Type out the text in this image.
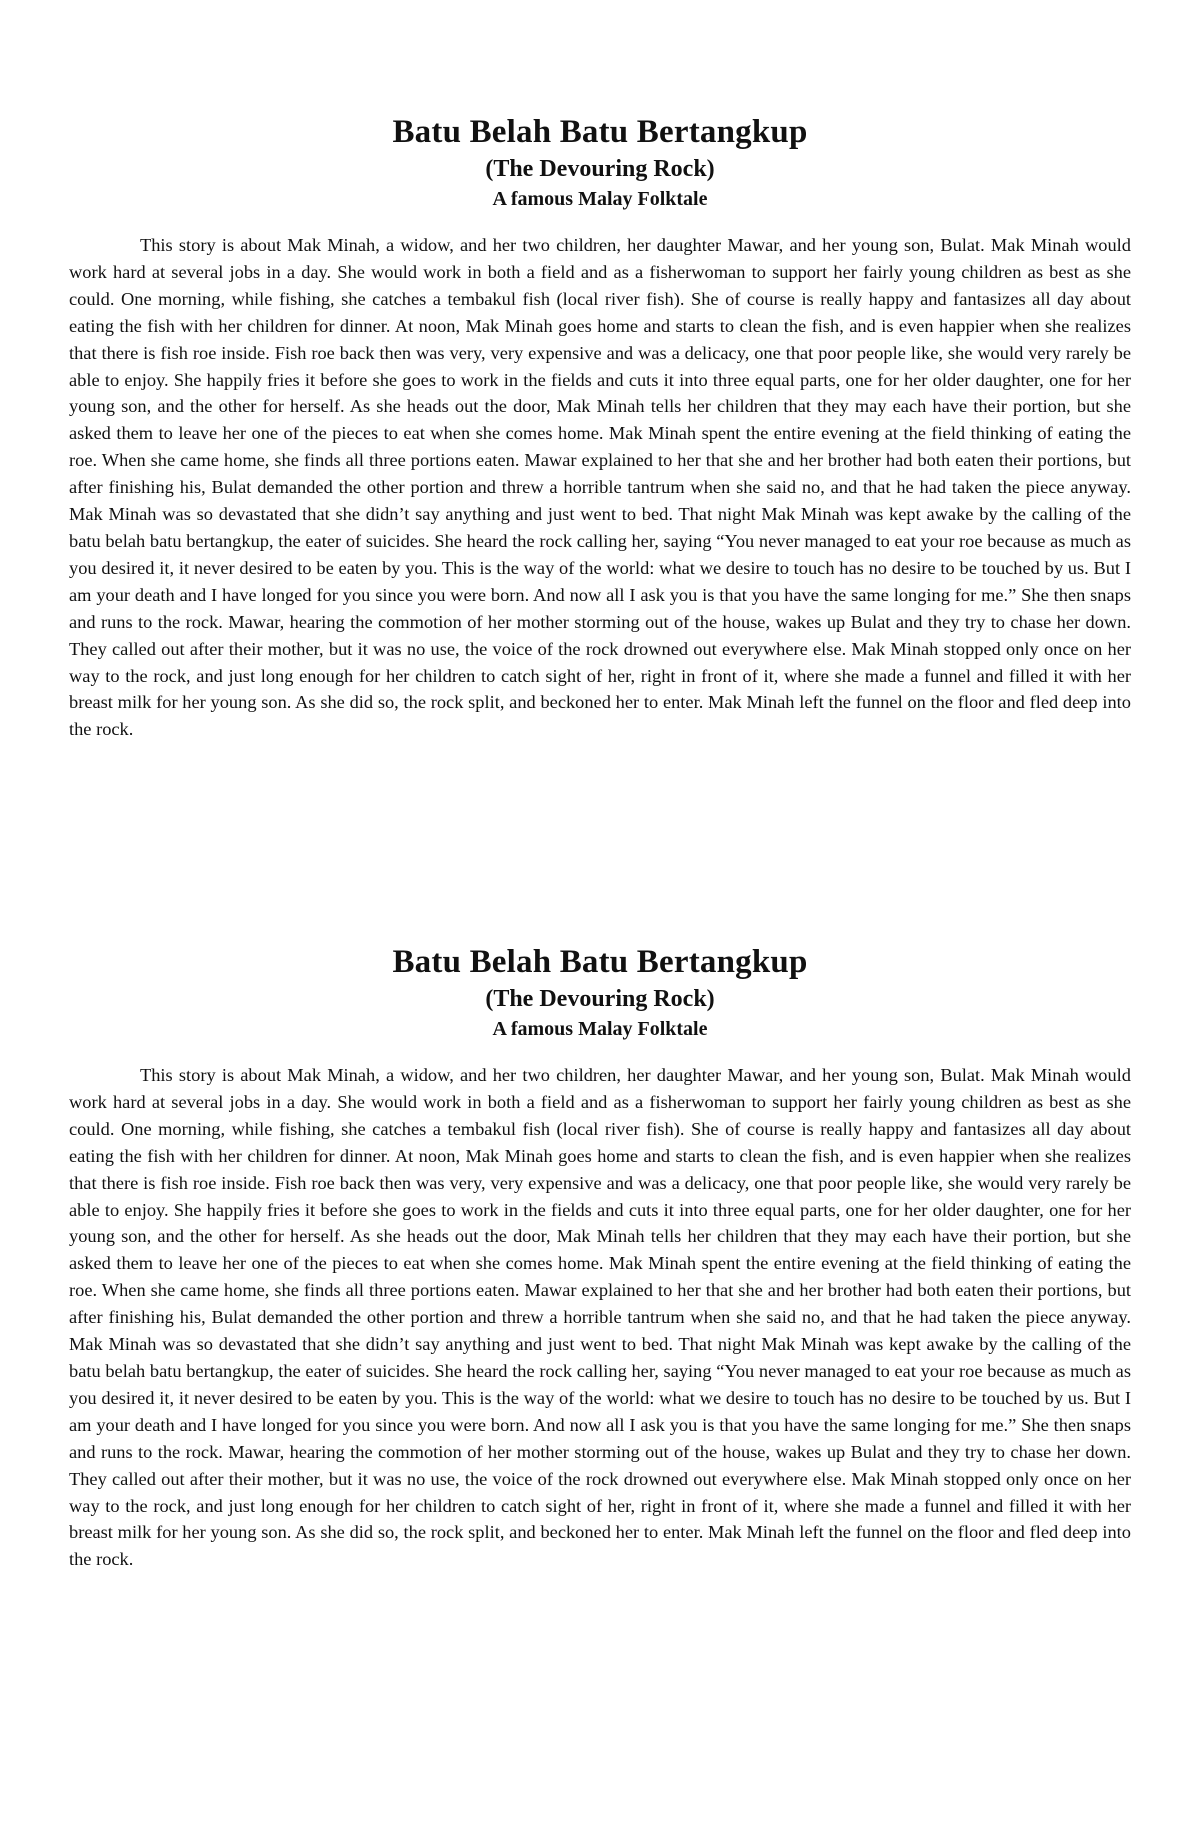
Batu Belah Batu Bertangkup
(The Devouring Rock)
A famous Malay Folktale

This story is about Mak Minah, a widow, and her two children, her daughter Mawar, and her young son, Bulat. Mak Minah would work hard at several jobs in a day. She would work in both a field and as a fisherwoman to support her fairly young children as best as she could. One morning, while fishing, she catches a tembakul fish (local river fish). She of course is really happy and fantasizes all day about eating the fish with her children for dinner. At noon, Mak Minah goes home and starts to clean the fish, and is even happier when she realizes that there is fish roe inside. Fish roe back then was very, very expensive and was a delicacy, one that poor people like, she would very rarely be able to enjoy. She happily fries it before she goes to work in the fields and cuts it into three equal parts, one for her older daughter, one for her young son, and the other for herself. As she heads out the door, Mak Minah tells her children that they may each have their portion, but she asked them to leave her one of the pieces to eat when she comes home. Mak Minah spent the entire evening at the field thinking of eating the roe. When she came home, she finds all three portions eaten. Mawar explained to her that she and her brother had both eaten their portions, but after finishing his, Bulat demanded the other portion and threw a horrible tantrum when she said no, and that he had taken the piece anyway. Mak Minah was so devastated that she didn’t say anything and just went to bed. That night Mak Minah was kept awake by the calling of the batu belah batu bertangkup, the eater of suicides. She heard the rock calling her, saying “You never managed to eat your roe because as much as you desired it, it never desired to be eaten by you. This is the way of the world: what we desire to touch has no desire to be touched by us. But I am your death and I have longed for you since you were born. And now all I ask you is that you have the same longing for me.” She then snaps and runs to the rock. Mawar, hearing the commotion of her mother storming out of the house, wakes up Bulat and they try to chase her down. They called out after their mother, but it was no use, the voice of the rock drowned out everywhere else. Mak Minah stopped only once on her way to the rock, and just long enough for her children to catch sight of her, right in front of it, where she made a funnel and filled it with her breast milk for her young son. As she did so, the rock split, and beckoned her to enter. Mak Minah left the funnel on the floor and fled deep into the rock.

Batu Belah Batu Bertangkup
(The Devouring Rock)
A famous Malay Folktale

This story is about Mak Minah, a widow, and her two children, her daughter Mawar, and her young son, Bulat. Mak Minah would work hard at several jobs in a day. She would work in both a field and as a fisherwoman to support her fairly young children as best as she could. One morning, while fishing, she catches a tembakul fish (local river fish). She of course is really happy and fantasizes all day about eating the fish with her children for dinner. At noon, Mak Minah goes home and starts to clean the fish, and is even happier when she realizes that there is fish roe inside. Fish roe back then was very, very expensive and was a delicacy, one that poor people like, she would very rarely be able to enjoy. She happily fries it before she goes to work in the fields and cuts it into three equal parts, one for her older daughter, one for her young son, and the other for herself. As she heads out the door, Mak Minah tells her children that they may each have their portion, but she asked them to leave her one of the pieces to eat when she comes home. Mak Minah spent the entire evening at the field thinking of eating the roe. When she came home, she finds all three portions eaten. Mawar explained to her that she and her brother had both eaten their portions, but after finishing his, Bulat demanded the other portion and threw a horrible tantrum when she said no, and that he had taken the piece anyway. Mak Minah was so devastated that she didn’t say anything and just went to bed. That night Mak Minah was kept awake by the calling of the batu belah batu bertangkup, the eater of suicides. She heard the rock calling her, saying “You never managed to eat your roe because as much as you desired it, it never desired to be eaten by you. This is the way of the world: what we desire to touch has no desire to be touched by us. But I am your death and I have longed for you since you were born. And now all I ask you is that you have the same longing for me.” She then snaps and runs to the rock. Mawar, hearing the commotion of her mother storming out of the house, wakes up Bulat and they try to chase her down. They called out after their mother, but it was no use, the voice of the rock drowned out everywhere else. Mak Minah stopped only once on her way to the rock, and just long enough for her children to catch sight of her, right in front of it, where she made a funnel and filled it with her breast milk for her young son. As she did so, the rock split, and beckoned her to enter. Mak Minah left the funnel on the floor and fled deep into the rock.
